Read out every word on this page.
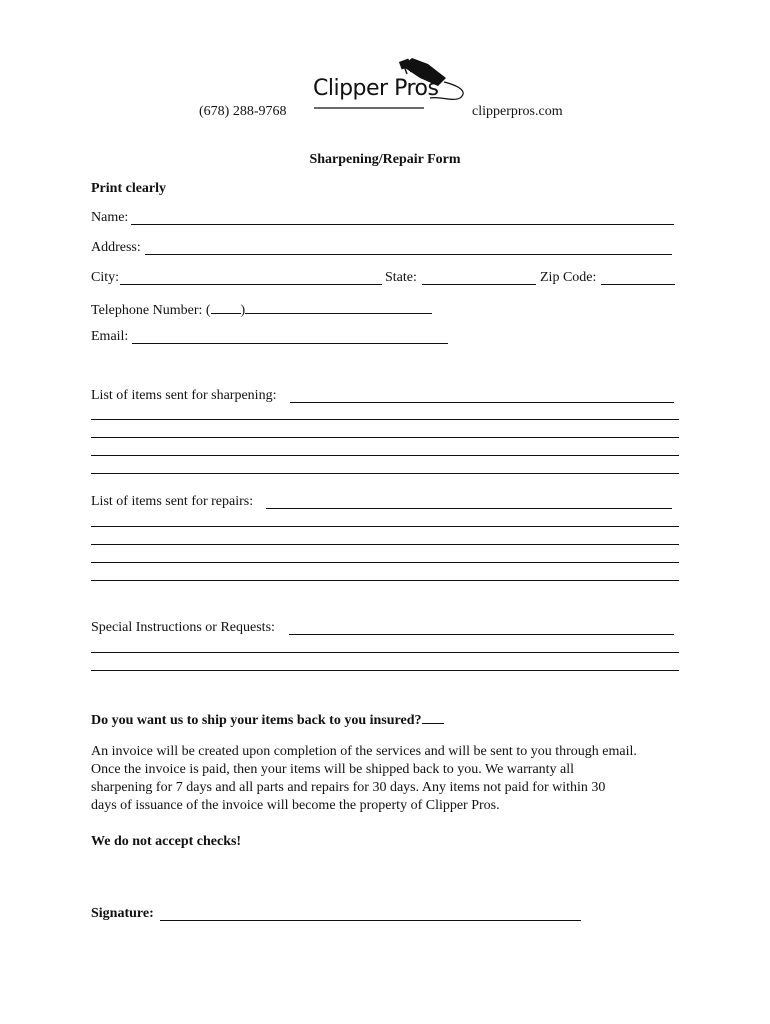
(678) 288-9768
Clipper Pros
clipperpros.com
Sharpening/Repair Form
Print clearly
Name:
Address:
City:	State:	Zip Code:
Telephone Number: ( )
Email:
List of items sent for sharpening:
List of items sent for repairs:
Special Instructions or Requests:
Do you want us to ship your items back to you insured?
An invoice will be created upon completion of the services and will be sent to you through email.
Once the invoice is paid, then your items will be shipped back to you. We warranty all
sharpening for 7 days and all parts and repairs for 30 days. Any items not paid for within 30
days of issuance of the invoice will become the property of Clipper Pros.
We do not accept checks!
Signature:
